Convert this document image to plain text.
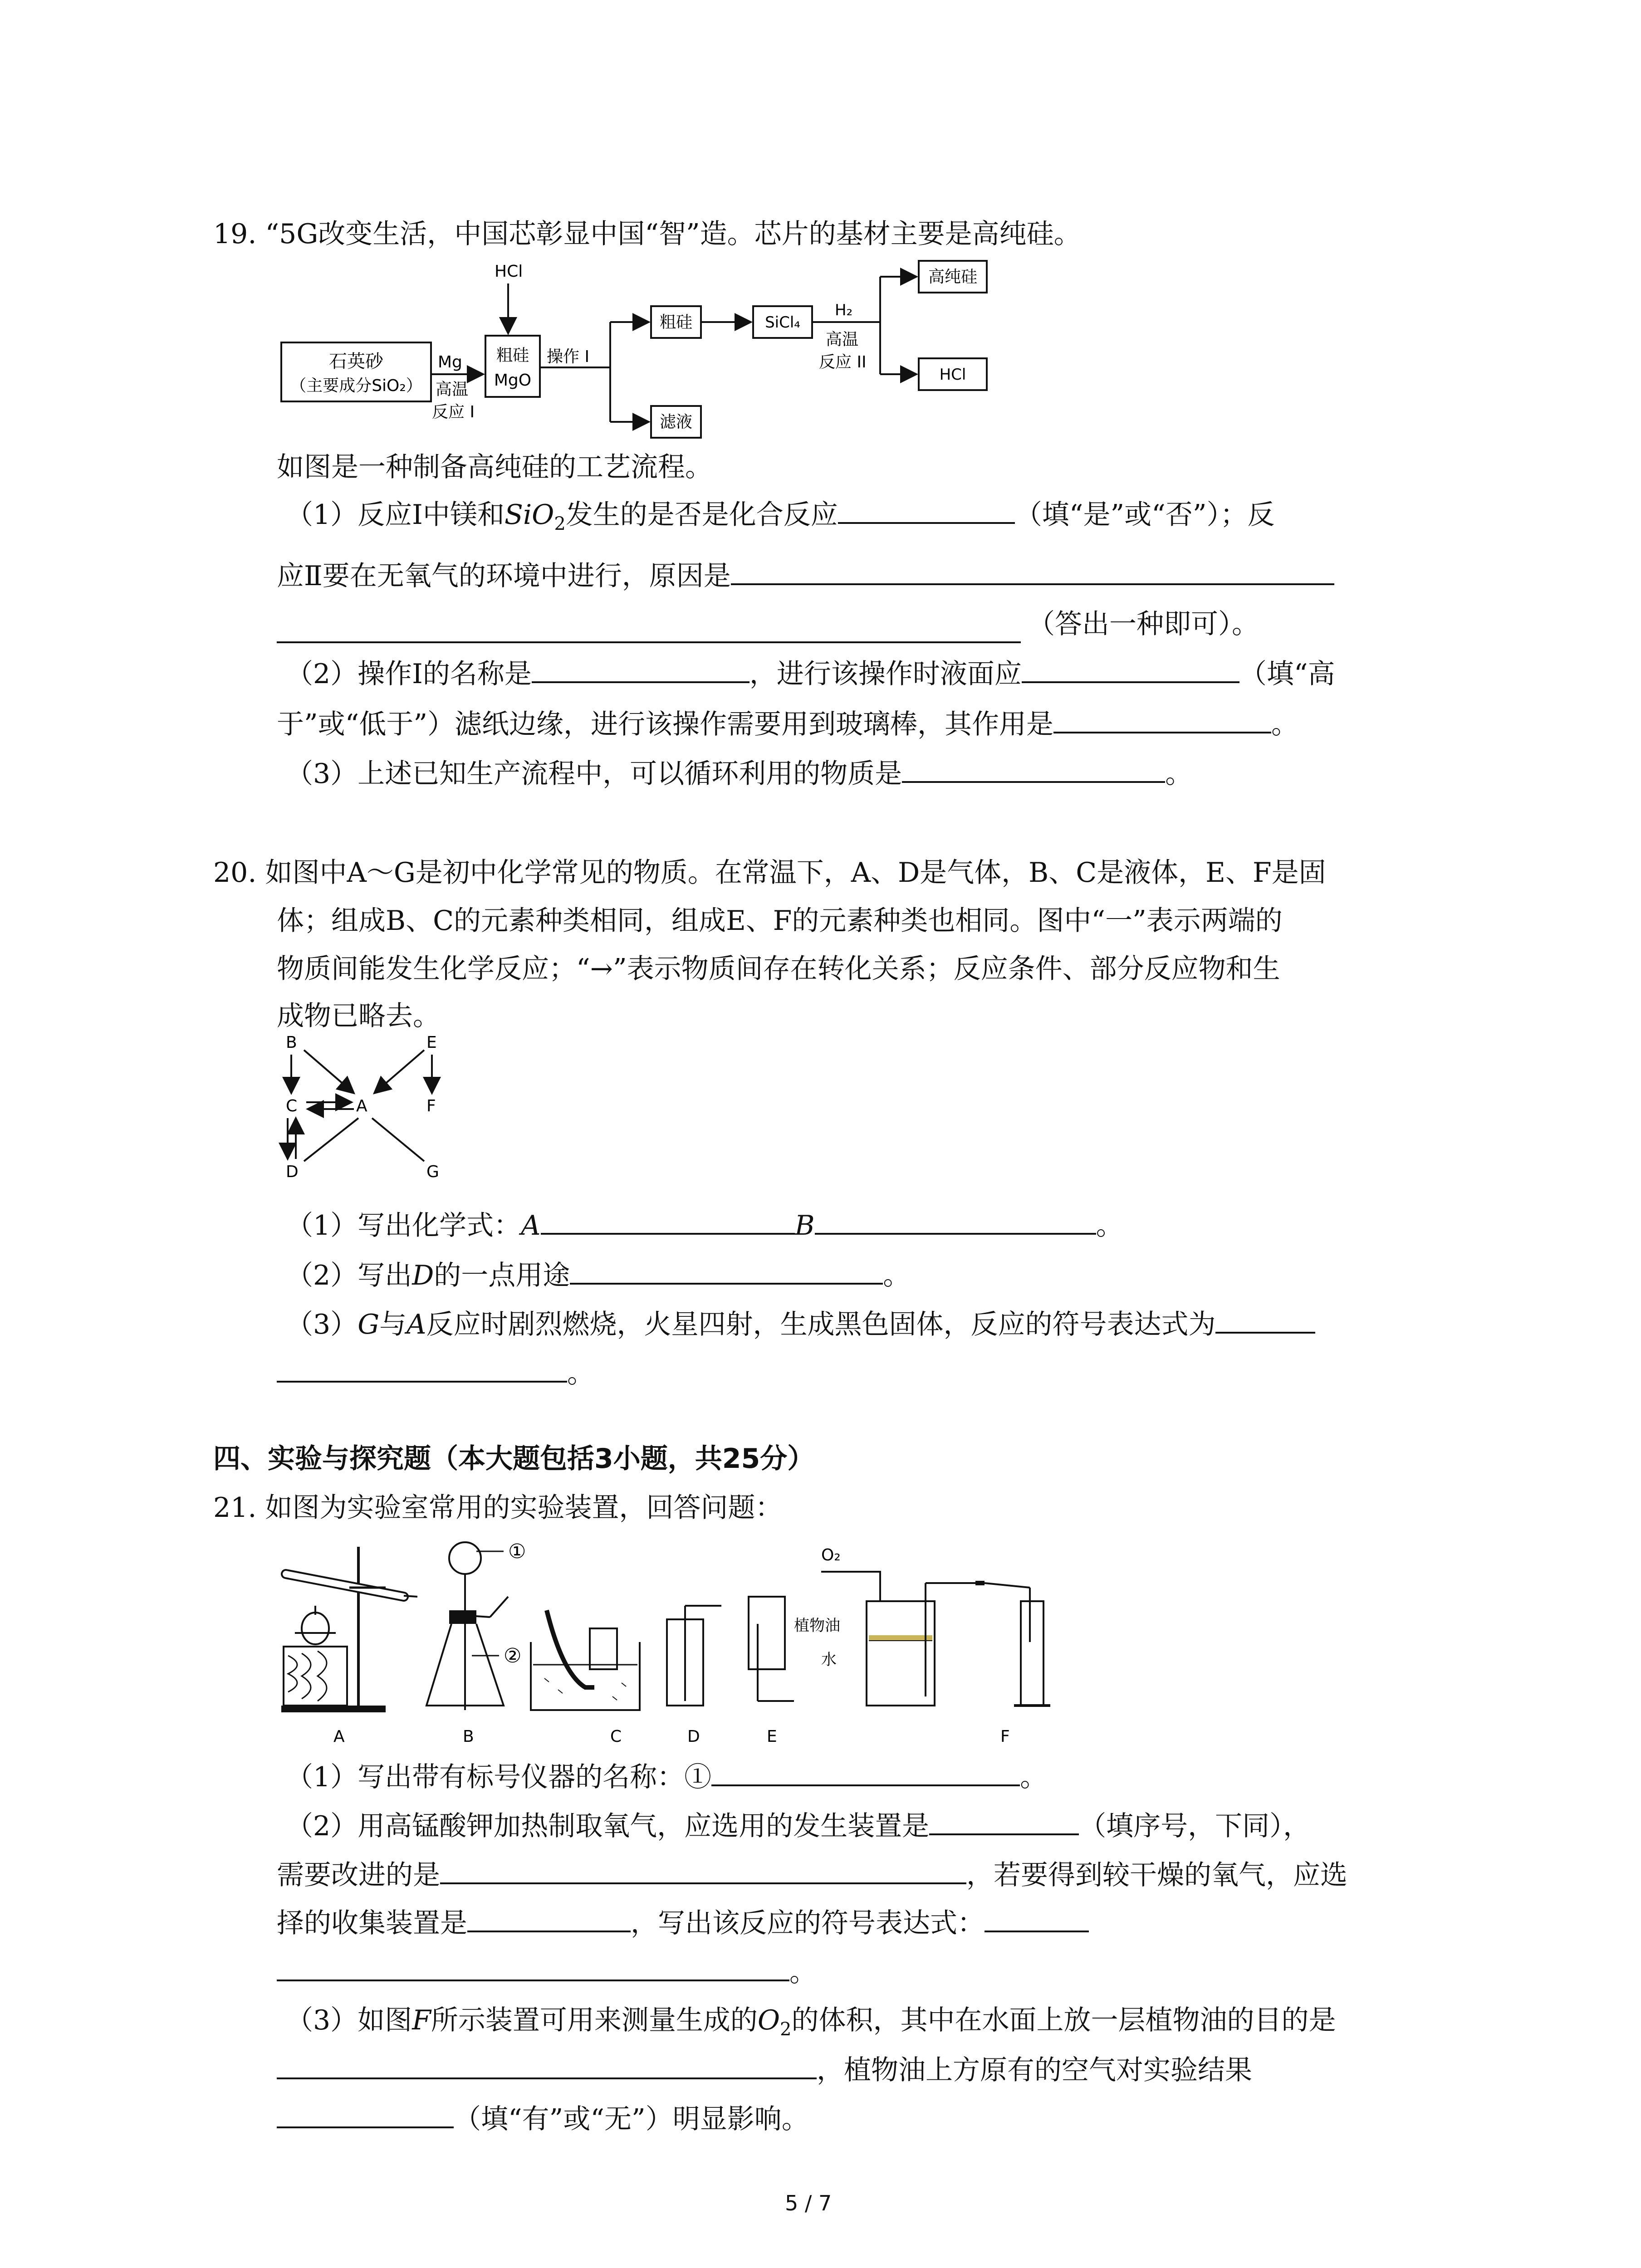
19. “5G改变生活，中国芯彰显中国“智”造。芯片的基材主要是高纯硅。
HCl
石英砂
（主要成分SiO₂）
Mg
高温
反应 I
粗硅
MgO
操作 I
粗硅
滤液
SiCl₄
H₂
高温
反应 II
高纯硅
HCl
如图是一种制备高纯硅的工艺流程。
（1）反应Ⅰ中镁和SiO$_2$发生的是否是化合反应	（填“是”或“否”）；反
应Ⅱ要在无氧气的环境中进行，原因是
（答出一种即可）。
（2）操作Ⅰ的名称是	，进行该操作时液面应	（填“高
于”或“低于”）滤纸边缘，进行该操作需要用到玻璃棒，其作用是	。
（3）上述已知生产流程中，可以循环利用的物质是	。
20. 如图中A～G是初中化学常见的物质。在常温下，A、D是气体，B、C是液体，E、F是固
体；组成B、C的元素种类相同，组成E、F的元素种类也相同。图中“一”表示两端的
物质间能发生化学反应；“→”表示物质间存在转化关系；反应条件、部分反应物和生
成物已略去。
B	E
C	A	F
D	G
（1）写出化学式：A	B	。
（2）写出D的一点用途	。
（3）G与A反应时剧烈燃烧，火星四射，生成黑色固体，反应的符号表达式为
。
四、实验与探究题（本大题包括3小题，共25分）
21. 如图为实验室常用的实验装置，回答问题：
①
②
O₂
植物油
水
A	B	C	D	E	F
（1）写出带有标号仪器的名称：①	。
（2）用高锰酸钾加热制取氧气，应选用的发生装置是	（填序号，下同），
需要改进的是	，若要得到较干燥的氧气，应选
择的收集装置是	，写出该反应的符号表达式：
。
（3）如图F所示装置可用来测量生成的$O_2$的体积，其中在水面上放一层植物油的目的是
，植物油上方原有的空气对实验结果
（填“有”或“无”）明显影响。
5 / 7
